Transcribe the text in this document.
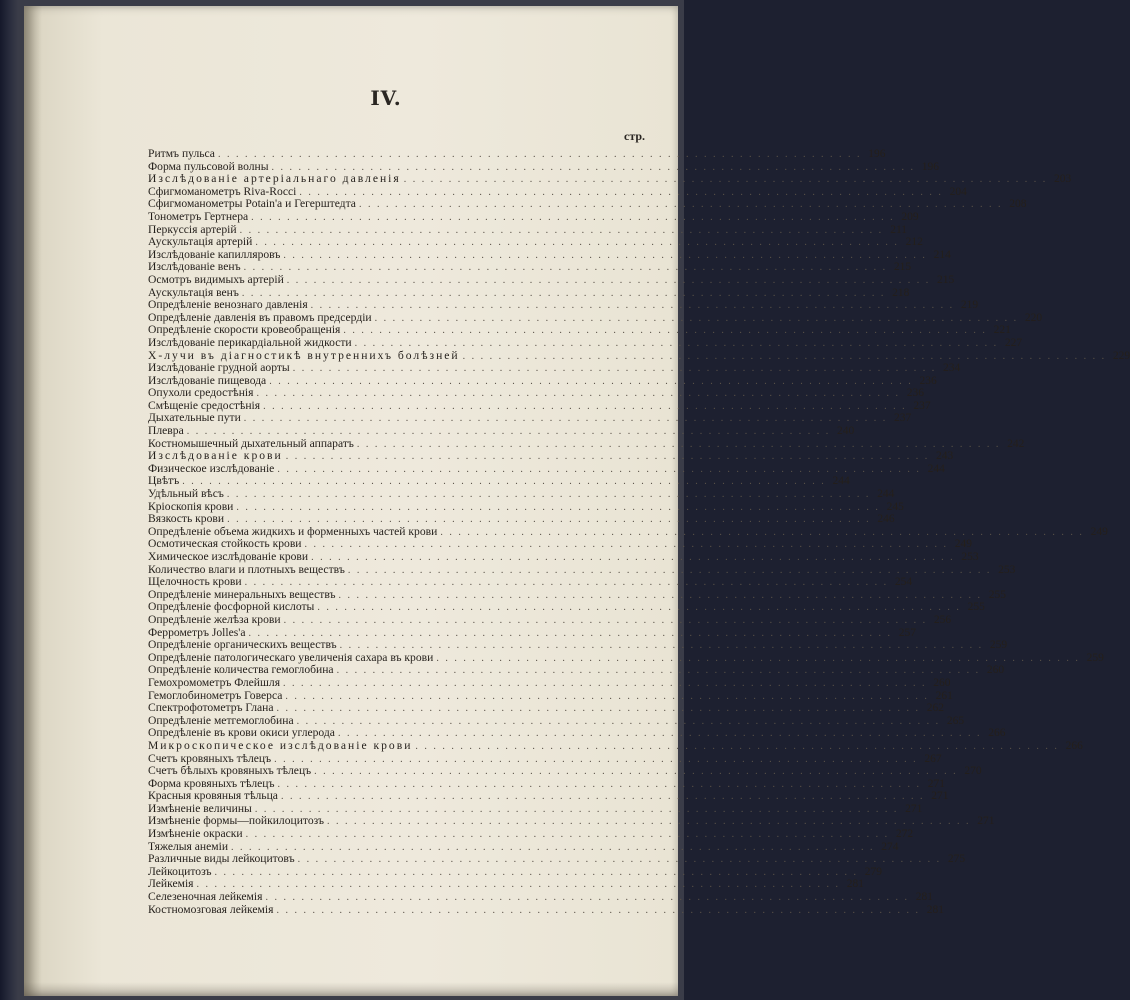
IV.
стр.
Ритмъ пульса . . .	196
Форма пульсовой волны . . .	196
Изслѣдованіе артеріальнаго давленія . . .	203
Сфигмоманометръ Riva-Rocci . . .	204
Сфигмоманометры Potain'a и Гегерштедта . . .	208
Тонометръ Гертнера . . .	209
Перкуссія артерій . . .	211
Аускультація артерій . . .	212
Изслѣдованіе капилляровъ . . .	214
Изслѣдованіе венъ . . .	215
Осмотръ видимыхъ артерій . . .	215
Аускультація венъ . . .	218
Опредѣленіе венознаго давленія . . .	219
Опредѣленіе давленія въ правомъ предсердіи . . .	220
Опредѣленіе скорости кровеобращенія . . .	221
Изслѣдованіе перикардіальной жидкости . . .	227
Х-лучи въ діагностикѣ внутреннихъ болѣзней . . .	229
Изслѣдованіе грудной аорты . . .	234
Изслѣдованіе пищевода . . .	236
Опухоли средостѣнія . . .	236
Смѣщеніе средостѣнія . . .	237
Дыхательные пути . . .	237
Плевра . . .	240
Костномышечный дыхательный аппаратъ . . .	242
Изслѣдованіе крови . . .	243
Физическое изслѣдованіе . . .	244
Цвѣтъ . . .	244
Удѣльный вѣсъ . . .	244
Кріоскопія крови . . .	245
Вязкость крови . . .	246
Опредѣленіе объема жидкихъ и форменныхъ частей крови . . .	249
Осмотическая стойкость крови . . .	249
Химическое изслѣдованіе крови . . .	253
Количество влаги и плотныхъ веществъ . . .	253
Щелочность крови . . .	254
Опредѣленіе минеральныхъ веществъ . . .	255
Опредѣленіе фосфорной кислоты . . .	255
Опредѣленіе желѣза крови . . .	256
Феррометръ Jolles'a . . .	257
Опредѣленіе органическихъ веществъ . . .	259
Опредѣленіе патологическаго увеличенія сахара въ крови . . .	259
Опредѣленіе количества гемоглобина . . .	260
Гемохромометръ Флейшля . . .	260
Гемоглобинометръ Говерса . . .	261
Спектрофотометръ Глана . . .	262
Опредѣленіе метгемоглобина . . .	265
Опредѣленіе въ крови окиси углерода . . .	266
Микроскопическое изслѣдованіе крови . . .	266
Счетъ кровяныхъ тѣлецъ . . .	267
Счетъ бѣлыхъ кровяныхъ тѣлецъ . . .	270
Форма кровяныхъ тѣлецъ . . .	271
Красныя кровяныя тѣльца . . .	271
Измѣненіе величины . . .	271
Измѣненіе формы—пойкилоцитозъ . . .	271
Измѣненіе окраски . . .	272
Тяжелыя анеміи . . .	274
Различные виды лейкоцитовъ . . .	275
Лейкоцитозъ . . .	279
Лейкемія . . .	281
Селезеночная лейкемія . . .	281
Костномозговая лейкемія . . .	281
